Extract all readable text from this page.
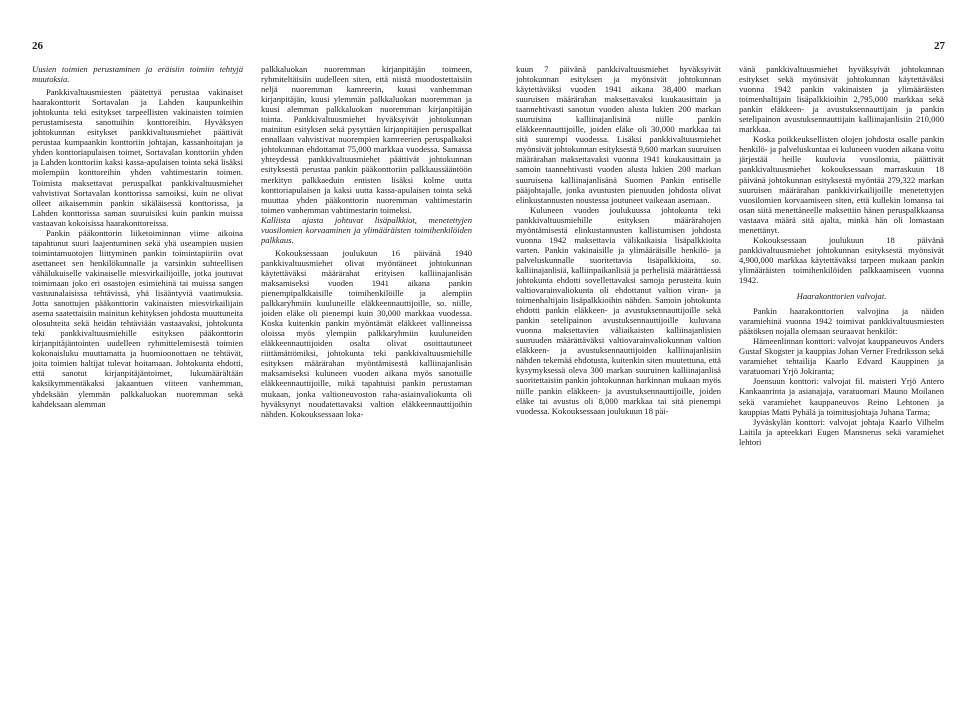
26	27

Uusien toimien perustaminen ja eräisiin toimiin tehtyjä muutoksia.

Pankkivaltuusmiesten päätettyä perustaa vakinaiset haarakonttorit Sortavalan ja Lahden kaupunkeihin johtokunta teki esitykset tarpeellisten vakinaisten toimien perustamisesta sanottuihin konttoreihin. Hyväksyen johtokunnan esitykset pankkivaltuusmiehet päättivät perustaa kumpaankin konttoriin johtajan, kassanhoitajan ja yhden konttoriapulaisen toimet, Sortavalan konttoriin yhden ja Lahden konttoriin kaksi kassa-apulaisen tointa sekä lisäksi molempiin konttoreihin yhden vahtimestarin toimen. Toimista maksettavat peruspalkat pankkivaltuusmiehet vahvistivat Sortavalan konttorissa samoiksi, kuin ne olivat olleet aikaisemmin pankin sikäläisessä konttorissa, ja Lahden konttorissa saman suuruisiksi kuin pankin muissa vastaavan kokoisissa haarakonttoreissa.

Pankin pääkonttorin liiketoiminnan viime aikoina tapahtunut suuri laajentuminen sekä yhä useampien uusien toimintamuotojen liittyminen pankin toimintapiiriin ovat asettaneet sen henkilökunnalle ja varsinkin suhteellisen vähälukuiselle vakinaiselle miesvirkailijoille, jotka joutuvat toimimaan joko eri osastojen esimiehinä tai muissa sangen vastuunalaisissa tehtävissä, yhä lisääntyviä vaatimuksia. Jotta sanottujen pääkonttorin vakinaisten miesvirkailijain asema saatettaisiin mainitun kehityksen johdosta muuttuneita olosuhteita sekä heidän tehtäviään vastaavaksi, johtokunta teki pankkivaltuusmiehille esityksen pääkonttorin kirjanpitäjäntointen uudelleen ryhmittelemisestä toimien kokonaisluku muuttamatta ja huomioonottaen ne tehtävät, joita toimien haltijat tulevat hoitamaan. Johtokunta ehdotti, että sanotut kirjanpitäjäntoimet, lukumäärältään kaksikymmentäkaksi jakaantuen viiteen vanhemman, yhdeksään ylemmän palkkaluokan nuoremman sekä kahdeksaan alemman

palkkaluokan nuoremman kirjanpitäjän toimeen, ryhmiteltäisiin uudelleen siten, että niistä muodostettaisiin neljä nuoremman kamreerin, kuusi vanhemman kirjanpitäjän, kuusi ylemmän palkkaluokan nuoremman ja kuusi alemman palkkaluokan nuoremman kirjanpitäjän tointa. Pankkivaltuusmiehet hyväksyivät johtokunnan mainitun esityksen sekä pysyttäen kirjanpitäjien peruspalkat ennallaan vahvistivat nuorempien kamreerien peruspalkaksi johtokunnan ehdottamat 75,000 markkaa vuodessa. Samassa yhteydessä pankkivaltuusmiehet päättivät johtokunnan esityksestä perustaa pankin pääkonttoriin palkkaussääntöön merkityn palkkaeduin entisten lisäksi kolme uutta konttoriapulaisen ja kaksi uutta kassa-apulaisen tointa sekä muuttaa yhden pääkonttorin nuoremman vahtimestarin toimen vanhemman vahtimestarin toimeksi.

Kalliista ajasta johtuvat lisäpalkkiot, menetettyjen vuosilomien korvaaminen ja ylimääräisten toimihenkilöiden palkkaus.

Kokouksessaan joulukuun 16 päivänä 1940 pankkivaltuusmiehet olivat myöntäneet johtokunnan käytettäväksi määrärahat erityisen kalliinajanlisän maksamiseksi vuoden 1941 aikana pankin pienempipalkkaisille toimihenkilöille ja alempiin palkkaryhmiin kuuluneille eläkkeennauttijoille, so. niille, joiden eläke oli pienempi kuin 30,000 markkaa vuodessa. Koska kuitenkin pankin myöntämät eläkkeet vallinneissa oloissa myös ylempiin palkkaryhmiin kuuluneiden eläkkeennauttijoiden osalta olivat osoittautuneet riittämättömiksi, johtokunta teki pankkivaltuusmiehille esityksen määrärahan myöntämisestä kalliinajanlisän maksamiseksi kuluneen vuoden aikana myös sanotuille eläkkeennauttijoille, mikä tapahtuisi pankin perustaman mukaan, jonka valtioneuvoston raha-asiainvaliokunta oli hyväksynyt noudatettavaksi valtion eläkkeennauttijoihin nähden. Kokouksessaan loka-

kuun 7 päivänä pankkivaltuusmiehet hyväksyivät johtokunnan esityksen ja myönsivät johtokunnan käytettäväksi vuoden 1941 aikana 38,400 markan suuruisen määrärahan maksettavaksi kuukausittain ja taannehtivasti sanotun vuoden alusta lukien 200 markan suuruisina kalliinajanlisinä niille pankin eläkkeennauttijoille, joiden eläke oli 30,000 markkaa tai sitä suurempi vuodessa. Lisäksi pankkivaltuusmiehet myönsivät johtokunnan esityksestä 9,600 markan suuruisen määrärahan maksettavaksi vuonna 1941 kuukausittain ja samoin taannehtivasti vuoden alusta lukien 200 markan suuruisena kalliinajanlisänä Suomen Pankin entiselle pääjohtajalle, jonka avustusten pienuuden johdosta olivat elinkustannusten noustessa joutuneet vaikeaan asemaan.

Kuluneen vuoden joulukuussa johtokunta teki pankkivaltuusmiehille esityksen määrärahojen myöntämisestä elinkustannusten kallistumisen johdosta vuonna 1942 maksettavia välikaikaisia lisäpalkkioita varten. Pankin vakinaisille ja ylimääräisille henkilö- ja palveluskunnalle suoritettavia lisäpalkkioita, so. kalliinajanlisiä, kalliinpaikanlisiä ja perhelisiä määrättäessä johtokunta ehdotti sovellettavaksi samoja perusteita kuin valtiovarainvaliokunta oli ehdottanut valtion viran- ja toimenhaltijain lisäpalkkioihin nähden. Samoin johtokunta ehdotti pankin eläkkeen- ja avustuksennauttijoille sekä pankin setelipainon avustuksennauttijoille kuluvana vuonna maksettavien väliaikaisten kalliinajanlisien suuruuden määrättäväksi valtiovarainvaliokunnan valtion eläkkeen- ja avustuksennauttijoiden kalliinajanlisiin nähden tekemää ehdotusta, kuitenkin siten muutettuna, että kysymyksessä oleva 300 markan suuruinen kalliinajanlisä suoritettaisiin pankin johtokunnan harkinnan mukaan myös niille pankin eläkkeen- ja avustuksennauttijoille, joiden eläke tai avustus oli 8,000 markkaa tai sitä pienempi vuodessa. Kokouksessaan joulukuun 18 päi-

vänä pankkivaltuusmiehet hyväksyivät johtokunnan esitykset sekä myönsivät johtokunnan käytettäväksi vuonna 1942 pankin vakinaisten ja ylimääräisten toimenhaltijain lisäpalkkioihin 2,795,000 markkaa sekä pankin eläkkeen- ja avustuksennauttijain ja pankin setelipainon avustuksennauttijain kalliinajanlisiin 210,000 markkaa.

Koska poikkeuksellisten olojen johdosta osalle pankin henkilö- ja palveluskuntaa ei kuluneen vuoden aikana voitu järjestää heille kuuluvia vuosilomia, päättivät pankkivaltuusmiehet kokouksessaan marraskuun 18 päivänä johtokunnan esityksestä myöntää 279,322 markan suuruisen määrärahan pankkivirkailijoille menetettyjen vuosilomien korvaamiseen siten, että kullekin lomansa tai osan siitä menettäneelle maksettiin hänen peruspalkkaansa vastaava määrä sitä ajalta, minkä hän oli lomastaan menettänyt.

Kokouksessaan joulukuun 18 päivänä pankkivaltuusmiehet johtokunnan esityksestä myönsivät 4,900,000 markkaa käytettäväksi tarpeen mukaan pankin ylimääräisten toimihenkilöiden palkkaamiseen vuonna 1942.

Haarakonttorien valvojat.

Pankin haarakonttorien valvojina ja näiden varamiehinä vuonna 1942 toimivat pankkivaltuusmiesten päätöksen nojalla olemaan seuraavat henkilöt:

Hämeenlinnan konttori: valvojat kauppaneuvos Anders Gustaf Skogster ja kauppias Johan Verner Fredriksson sekä varamiehet tehtailija Kaarlo Edvard Kauppinen ja varatuomari Yrjö Jokiranta;

Joensuun konttori: valvojat fil. maisteri Yrjö Antero Kankaanrinta ja asianajaja, varatuomari Mauno Moilanen sekä varamiehet kauppaneuvos Reino Lehtonen ja kauppias Matti Pyhälä ja toimitusjohtaja Juhana Tarma;

Jyväskylän konttori: valvojat johtaja Kaarlo Vilhelm Laitila ja apteekkari Eugen Mansnerus sekä varamiehet lehtori
